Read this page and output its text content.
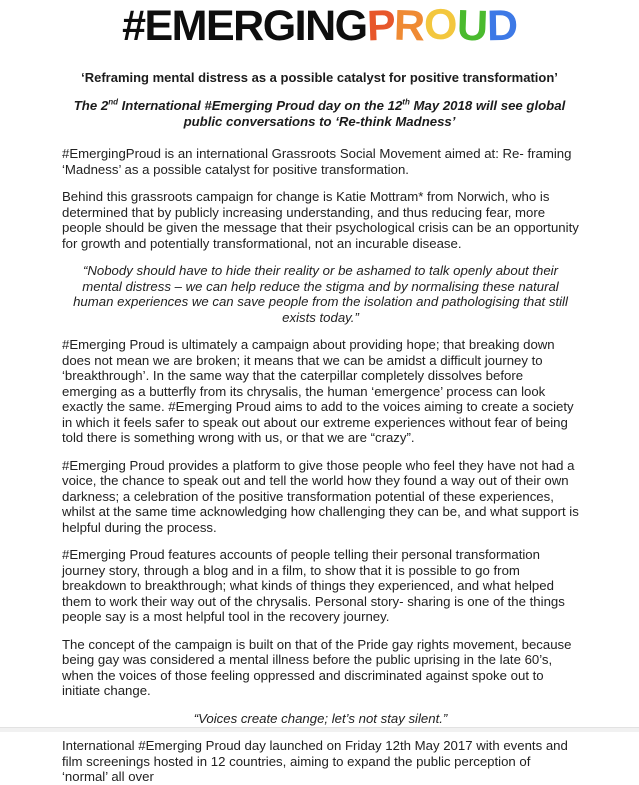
#EMERGINGPROUD
‘Reframing mental distress as a possible catalyst for positive transformation’
The 2nd International #Emerging Proud day on the 12th May 2018 will see global public conversations to ‘Re-think Madness’
#EmergingProud is an international Grassroots Social Movement aimed at: Re- framing ‘Madness’ as a possible catalyst for positive transformation.
Behind this grassroots campaign for change is Katie Mottram* from Norwich, who is determined that by publicly increasing understanding, and thus reducing fear, more people should be given the message that their psychological crisis can be an opportunity for growth and potentially transformational, not an incurable disease.
“Nobody should have to hide their reality or be ashamed to talk openly about their mental distress – we can help reduce the stigma and by normalising these natural human experiences we can save people from the isolation and pathologising that still exists today.”
#Emerging Proud is ultimately a campaign about providing hope; that breaking down does not mean we are broken; it means that we can be amidst a difficult journey to ‘breakthrough’. In the same way that the caterpillar completely dissolves before emerging as a butterfly from its chrysalis, the human ‘emergence’ process can look exactly the same. #Emerging Proud aims to add to the voices aiming to create a society in which it feels safer to speak out about our extreme experiences without fear of being told there is something wrong with us, or that we are “crazy”.
#Emerging Proud provides a platform to give those people who feel they have not had a voice, the chance to speak out and tell the world how they found a way out of their own darkness; a celebration of the positive transformation potential of these experiences, whilst at the same time acknowledging how challenging they can be, and what support is helpful during the process.
#Emerging Proud features accounts of people telling their personal transformation journey story, through a blog and in a film, to show that it is possible to go from breakdown to breakthrough; what kinds of things they experienced, and what helped them to work their way out of the chrysalis. Personal story- sharing is one of the things people say is a most helpful tool in the recovery journey.
The concept of the campaign is built on that of the Pride gay rights movement, because being gay was considered a mental illness before the public uprising in the late 60’s, when the voices of those feeling oppressed and discriminated against spoke out to initiate change.
“Voices create change; let’s not stay silent.”
International #Emerging Proud day launched on Friday 12th May 2017 with events and film screenings hosted in 12 countries, aiming to expand the public perception of ‘normal’ all over
